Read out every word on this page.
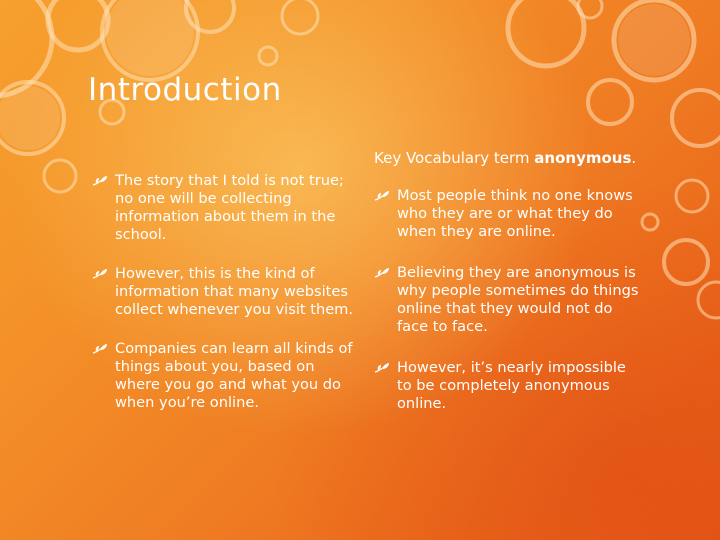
Introduction
The story that I told is not true; no one will be collecting information about them in the school.
However, this is the kind of information that many websites collect whenever you visit them.
Companies can learn all kinds of things about you, based on where you go and what you do when you’re online.
Key Vocabulary term anonymous.
Most people think no one knows who they are or what they do when they are online.
Believing they are anonymous is why people sometimes do things online that they would not do face to face.
However, it’s nearly impossible to be completely anonymous online.
